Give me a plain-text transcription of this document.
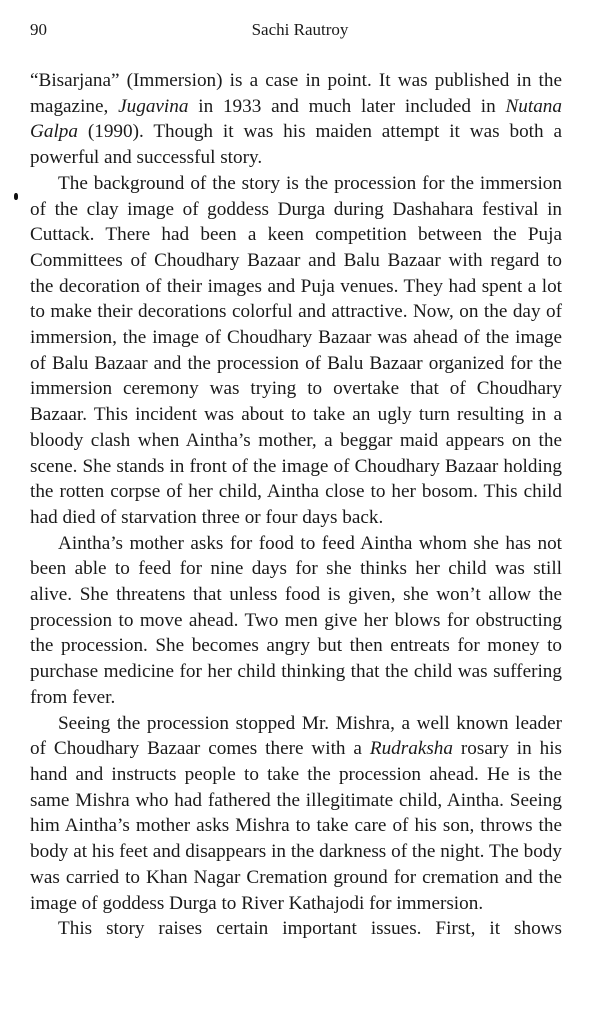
90	Sachi Rautroy

“Bisarjana” (Immersion) is a case in point. It was published in the magazine, Jugavina in 1933 and much later included in Nutana Galpa (1990). Though it was his maiden attempt it was both a powerful and successful story.

The background of the story is the procession for the immersion of the clay image of goddess Durga during Dashahara festival in Cuttack. There had been a keen competition between the Puja Committees of Choudhary Bazaar and Balu Bazaar with regard to the decoration of their images and Puja venues. They had spent a lot to make their decorations colorful and attractive. Now, on the day of immersion, the image of Choudhary Bazaar was ahead of the image of Balu Bazaar and the procession of Balu Bazaar organized for the immersion ceremony was trying to overtake that of Choudhary Bazaar. This incident was about to take an ugly turn resulting in a bloody clash when Aintha’s mother, a beggar maid appears on the scene. She stands in front of the image of Choudhary Bazaar holding the rotten corpse of her child, Aintha close to her bosom. This child had died of starvation three or four days back.

Aintha’s mother asks for food to feed Aintha whom she has not been able to feed for nine days for she thinks her child was still alive. She threatens that unless food is given, she won’t allow the procession to move ahead. Two men give her blows for obstructing the procession. She becomes angry but then entreats for money to purchase medicine for her child thinking that the child was suffering from fever.

Seeing the procession stopped Mr. Mishra, a well known leader of Choudhary Bazaar comes there with a Rudraksha rosary in his hand and instructs people to take the procession ahead. He is the same Mishra who had fathered the illegitimate child, Aintha. Seeing him Aintha’s mother asks Mishra to take care of his son, throws the body at his feet and disappears in the darkness of the night. The body was carried to Khan Nagar Cremation ground for cremation and the image of goddess Durga to River Kathajodi for immersion.

This story raises certain important issues. First, it shows
